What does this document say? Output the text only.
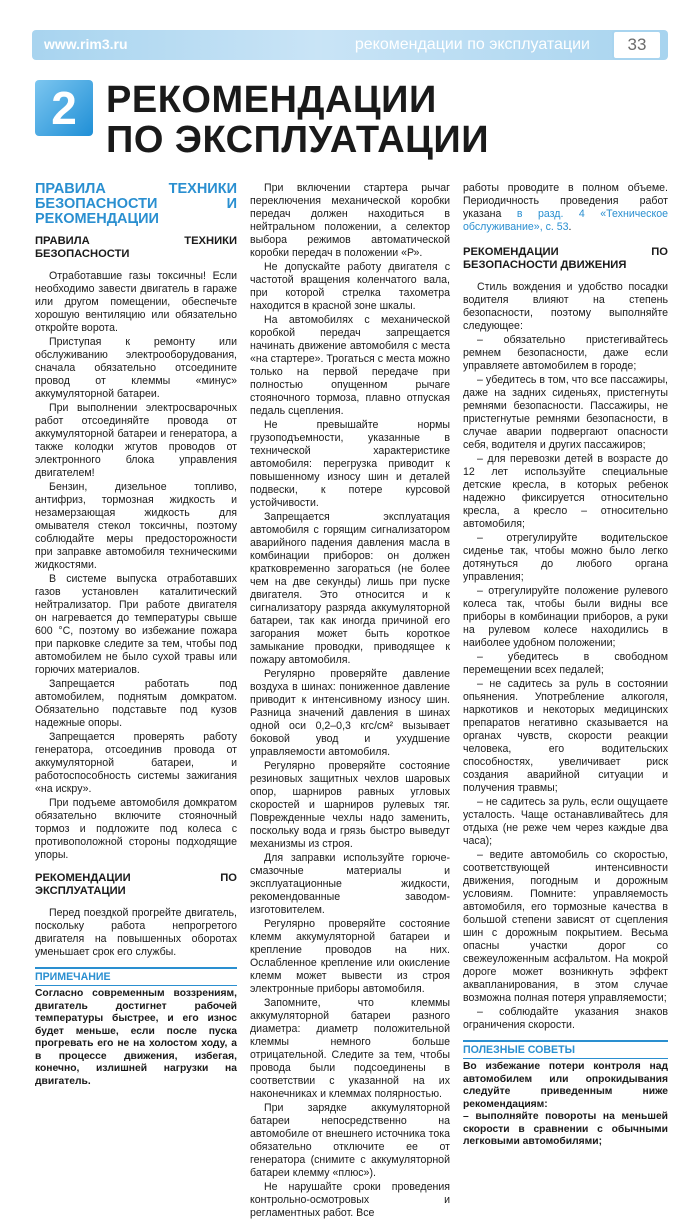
www.rim3.ru	рекомендации по эксплуатации	33
2 РЕКОМЕНДАЦИИ
ПО ЭКСПЛУАТАЦИИ
ПРАВИЛА ТЕХНИКИ БЕЗОПАСНОСТИ И РЕКОМЕНДАЦИИ
ПРАВИЛА ТЕХНИКИ БЕЗОПАСНОСТИ

Отработавшие газы токсичны! Если необходимо завести двигатель в гараже или другом помещении, обеспечьте хорошую вентиляцию или обязательно откройте ворота.

Приступая к ремонту или обслуживанию электрооборудования, сначала обязательно отсоедините провод от клеммы «минус» аккумуляторной батареи.

При выполнении электросварочных работ отсоединяйте провода от аккумуляторной батареи и генератора, а также колодки жгутов проводов от электронного блока управления двигателем!

Бензин, дизельное топливо, антифриз, тормозная жидкость и незамерзающая жидкость для омывателя стекол токсичны, поэтому соблюдайте меры предосторожности при заправке автомобиля техническими жидкостями.

В системе выпуска отработавших газов установлен каталитический нейтрализатор. При работе двигателя он нагревается до температуры свыше 600 °С, поэтому во избежание пожара при парковке следите за тем, чтобы под автомобилем не было сухой травы или горючих материалов.

Запрещается работать под автомобилем, поднятым домкратом. Обязательно подставьте под кузов надежные опоры.

Запрещается проверять работу генератора, отсоединив провода от аккумуляторной батареи, и работоспособность системы зажигания «на искру».

При подъеме автомобиля домкратом обязательно включите стояночный тормоз и подложите под колеса с противоположной стороны подходящие упоры.

РЕКОМЕНДАЦИИ ПО ЭКСПЛУАТАЦИИ

Перед поездкой прогрейте двигатель, поскольку работа непрогретого двигателя на повышенных оборотах уменьшает срок его службы.

ПРИМЕЧАНИЕ
Согласно современным воззрениям, двигатель достигнет рабочей температуры быстрее, и его износ будет меньше, если после пуска прогревать его не на холостом ходу, а в процессе движения, избегая, конечно, излишней нагрузки на двигатель.

При включении стартера рычаг переключения механической коробки передач должен находиться в нейтральном положении, а селектор выбора режимов автоматической коробки передач в положении «Р».

Не допускайте работу двигателя с частотой вращения коленчатого вала, при которой стрелка тахометра находится в красной зоне шкалы.

На автомобилях с механической коробкой передач запрещается начинать движение автомобиля с места «на стартере». Трогаться с места можно только на первой передаче при полностью опущенном рычаге стояночного тормоза, плавно отпуская педаль сцепления.

Не превышайте нормы грузоподъемности, указанные в технической характеристике автомобиля: перегрузка приводит к повышенному износу шин и деталей подвески, к потере курсовой устойчивости.

Запрещается эксплуатация автомобиля с горящим сигнализатором аварийного падения давления масла в комбинации приборов: он должен кратковременно загораться (не более чем на две секунды) лишь при пуске двигателя. Это относится и к сигнализатору разряда аккумуляторной батареи, так как иногда причиной его загорания может быть короткое замыкание проводки, приводящее к пожару автомобиля.

Регулярно проверяйте давление воздуха в шинах: пониженное давление приводит к интенсивному износу шин. Разница значений давления в шинах одной оси 0,2–0,3 кгс/см² вызывает боковой увод и ухудшение управляемости автомобиля.

Регулярно проверяйте состояние резиновых защитных чехлов шаровых опор, шарниров равных угловых скоростей и шарниров рулевых тяг. Поврежденные чехлы надо заменить, поскольку вода и грязь быстро выведут механизмы из строя.

Для заправки используйте горюче-смазочные материалы и эксплуатационные жидкости, рекомендованные заводом-изготовителем.

Регулярно проверяйте состояние клемм аккумуляторной батареи и крепление проводов на них. Ослабленное крепление или окисление клемм может вывести из строя электронные приборы автомобиля.

Запомните, что клеммы аккумуляторной батареи разного диаметра: диаметр положительной клеммы немного больше отрицательной. Следите за тем, чтобы провода были подсоединены в соответствии с указанной на их наконечниках и клеммах полярностью.

При зарядке аккумуляторной батареи непосредственно на автомобиле от внешнего источника тока обязательно отключите ее от генератора (снимите с аккумуляторной батареи клемму «плюс»).

Не нарушайте сроки проведения контрольно-осмотровых и регламентных работ. Все

работы проводите в полном объеме. Периодичность проведения работ указана в разд. 4 «Техническое обслуживание», с. 53.

РЕКОМЕНДАЦИИ ПО БЕЗОПАСНОСТИ ДВИЖЕНИЯ

Стиль вождения и удобство посадки водителя влияют на степень безопасности, поэтому выполняйте следующее:

– обязательно пристегивайтесь ремнем безопасности, даже если управляете автомобилем в городе;

– убедитесь в том, что все пассажиры, даже на задних сиденьях, пристегнуты ремнями безопасности. Пассажиры, не пристегнутые ремнями безопасности, в случае аварии подвергают опасности себя, водителя и других пассажиров;

– для перевозки детей в возрасте до 12 лет используйте специальные детские кресла, в которых ребенок надежно фиксируется относительно кресла, а кресло – относительно автомобиля;

– отрегулируйте водительское сиденье так, чтобы можно было легко дотянуться до любого органа управления;

– отрегулируйте положение рулевого колеса так, чтобы были видны все приборы в комбинации приборов, а руки на рулевом колесе находились в наиболее удобном положении;

– убедитесь в свободном перемещении всех педалей;

– не садитесь за руль в состоянии опьянения. Употребление алкоголя, наркотиков и некоторых медицинских препаратов негативно сказывается на органах чувств, скорости реакции человека, его водительских способностях, увеличивает риск создания аварийной ситуации и получения травмы;

– не садитесь за руль, если ощущаете усталость. Чаще останавливайтесь для отдыха (не реже чем через каждые два часа);

– ведите автомобиль со скоростью, соответствующей интенсивности движения, погодным и дорожным условиям. Помните: управляемость автомобиля, его тормозные качества в большой степени зависят от сцепления шин с дорожным покрытием. Весьма опасны участки дорог со свежеуложенным асфальтом. На мокрой дороге может возникнуть эффект аквапланирования, в этом случае возможна полная потеря управляемости;

– соблюдайте указания знаков ограничения скорости.

ПОЛЕЗНЫЕ СОВЕТЫ
Во избежание потери контроля над автомобилем или опрокидывания следуйте приведенным ниже рекомендациям:
– выполняйте повороты на меньшей скорости в сравнении с обычными легковыми автомобилями;
